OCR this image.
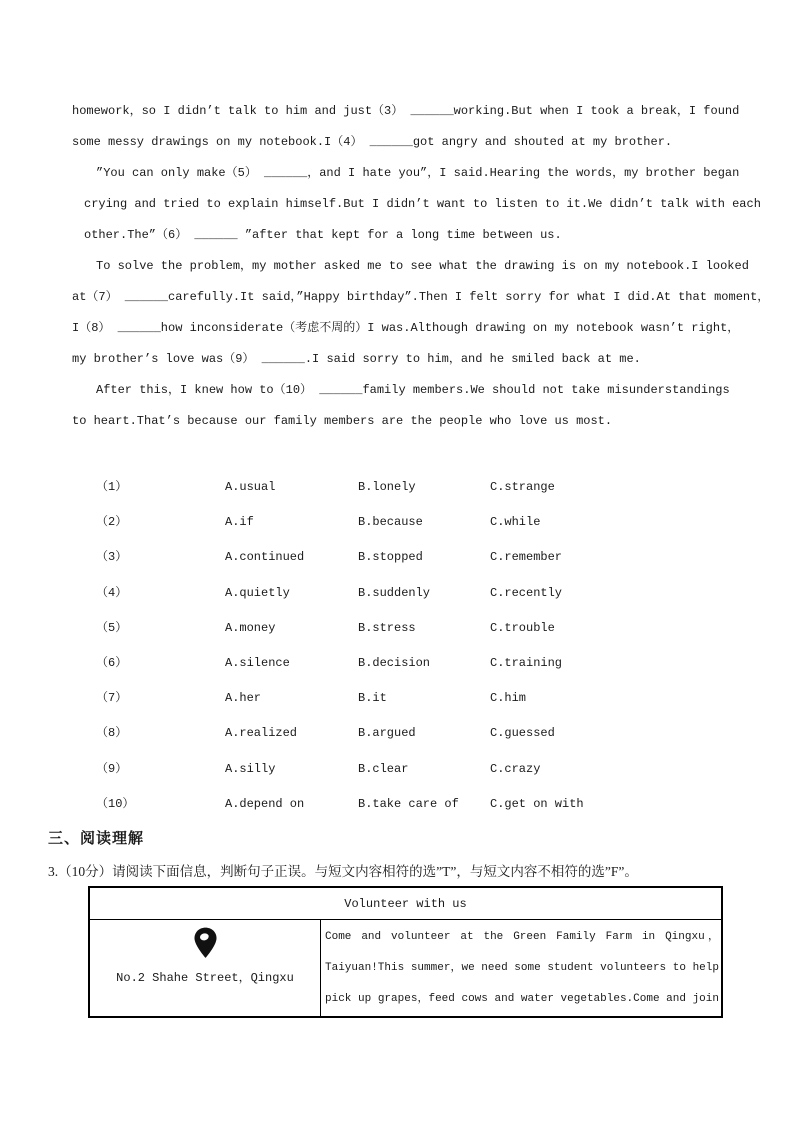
homework，so I didn’t talk to him and just（3） ______working.But when I took a break，I found
some messy drawings on my notebook.I（4） ______got angry and shouted at my brother.
”You can only make（5） ______，and I hate you”，I said.Hearing the words，my brother began
crying and tried to explain himself.But I didn’t want to listen to it.We didn’t talk with each
other.The”（6） ______ ”after that kept for a long time between us.
To solve the problem，my mother asked me to see what the drawing is on my notebook.I looked
at（7） ______carefully.It said，”Happy birthday”.Then I felt sorry for what I did.At that moment，
I（8） ______how inconsiderate（考虑不周的）I was.Although drawing on my notebook wasn’t right，
my brother’s love was（9） ______.I said sorry to him，and he smiled back at me.
After this，I knew how to（10） ______family members.We should not take misunderstandings
to heart.That’s because our family members are the people who love us most.
（1）	A.usual	B.lonely	C.strange
（2）	A.if	B.because	C.while
（3）	A.continued	B.stopped	C.remember
（4）	A.quietly	B.suddenly	C.recently
（5）	A.money	B.stress	C.trouble
（6）	A.silence	B.decision	C.training
（7）	A.her	B.it	C.him
（8）	A.realized	B.argued	C.guessed
（9）	A.silly	B.clear	C.crazy
（10）	A.depend on	B.take care of	C.get on with
三、阅读理解
3.（10分）请阅读下面信息，判断句子正误。与短文内容相符的选”T”，与短文内容不相符的选”F”。
Volunteer with us
No.2 Shahe Street，Qingxu
Come and volunteer at the Green Family Farm in Qingxu，
Taiyuan!This summer，we need some student volunteers to help
pick up grapes，feed cows and water vegetables.Come and join
